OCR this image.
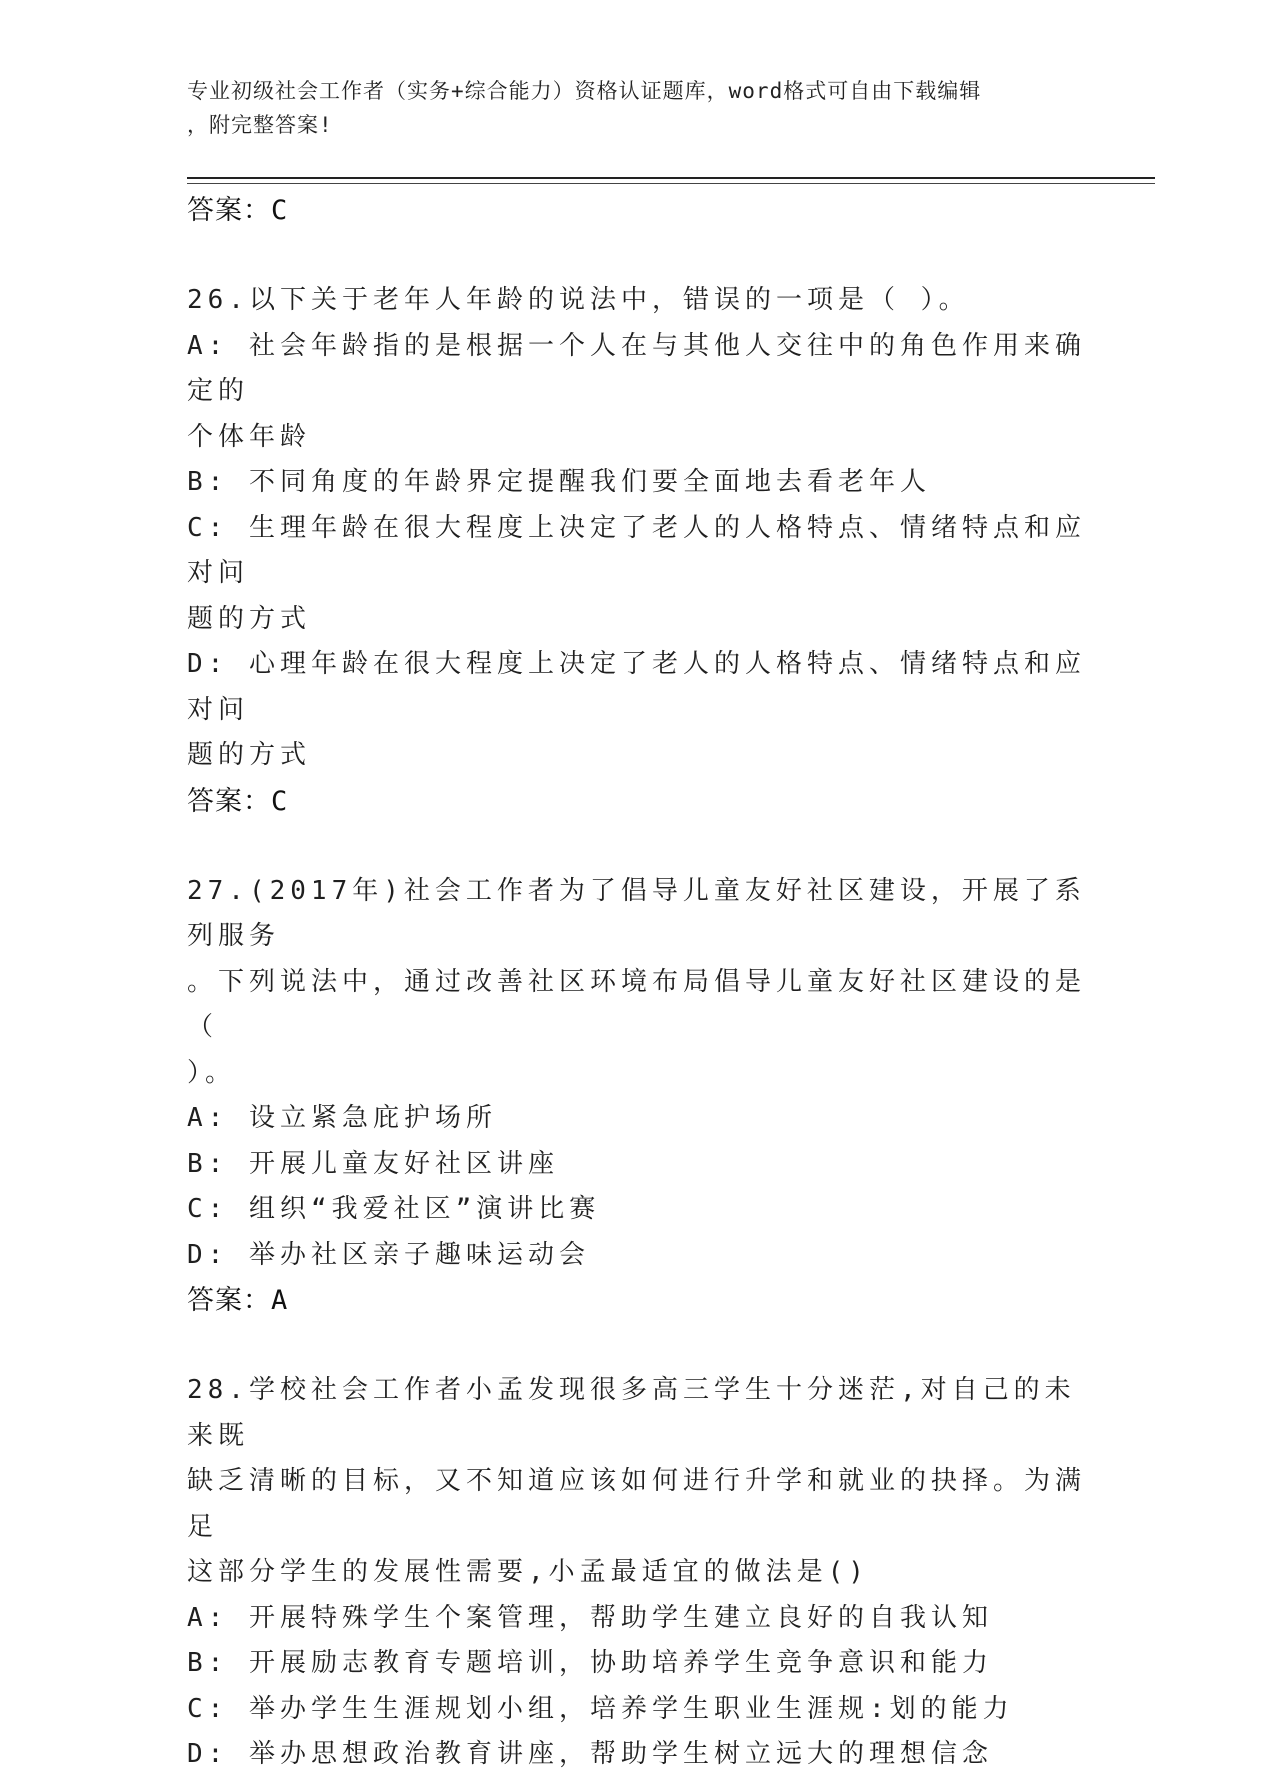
专业初级社会工作者（实务+综合能力）资格认证题库，word格式可自由下载编辑
，附完整答案!
答案：C
26.以下关于老年人年龄的说法中，错误的一项是（ ）。
A: 社会年龄指的是根据一个人在与其他人交往中的角色作用来确定的
个体年龄
B: 不同角度的年龄界定提醒我们要全面地去看老年人
C: 生理年龄在很大程度上决定了老人的人格特点、情绪特点和应对问
题的方式
D: 心理年龄在很大程度上决定了老人的人格特点、情绪特点和应对问
题的方式
答案：C
27.(2017年)社会工作者为了倡导儿童友好社区建设，开展了系列服务
。下列说法中，通过改善社区环境布局倡导儿童友好社区建设的是（
）。
A: 设立紧急庇护场所
B: 开展儿童友好社区讲座
C: 组织“我爱社区”演讲比赛
D: 举办社区亲子趣味运动会
答案：A
28.学校社会工作者小孟发现很多高三学生十分迷茫,对自己的未来既
缺乏清晰的目标，又不知道应该如何进行升学和就业的抉择。为满足
这部分学生的发展性需要,小孟最适宜的做法是()
A: 开展特殊学生个案管理，帮助学生建立良好的自我认知
B: 开展励志教育专题培训，协助培养学生竞争意识和能力
C: 举办学生生涯规划小组，培养学生职业生涯规:划的能力
D: 举办思想政治教育讲座，帮助学生树立远大的理想信念
